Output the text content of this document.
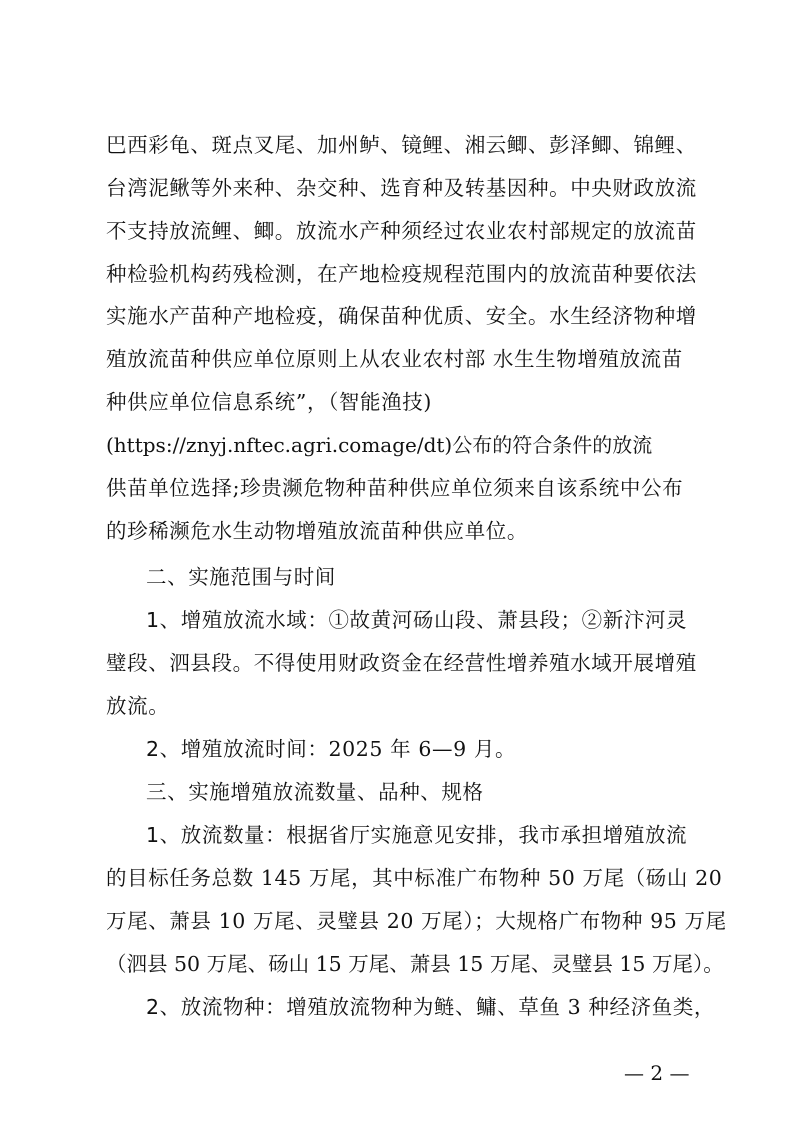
巴西彩龟、斑点叉尾、加州鲈、镜鲤、湘云鲫、彭泽鲫、锦鲤、
台湾泥鳅等外来种、杂交种、选育种及转基因种。中央财政放流
不支持放流鲤、鲫。放流水产种须经过农业农村部规定的放流苗
种检验机构药残检测，在产地检疫规程范围内的放流苗种要依法
实施水产苗种产地检疫，确保苗种优质、安全。水生经济物种增
殖放流苗种供应单位原则上从农业农村部 水生生物增殖放流苗
种供应单位信息系统”，（智能渔技)
(https://znyj.nftec.agri.comage/dt)公布的符合条件的放流
供苗单位选择;珍贵濒危物种苗种供应单位须来自该系统中公布
的珍稀濒危水生动物增殖放流苗种供应单位。
二、实施范围与时间
1、增殖放流水域：①故黄河砀山段、萧县段；②新汴河灵
璧段、泗县段。不得使用财政资金在经营性增养殖水域开展增殖
放流。
2、增殖放流时间：2025 年 6—9 月。
三、实施增殖放流数量、品种、规格
1、放流数量：根据省厅实施意见安排，我市承担增殖放流
的目标任务总数 145 万尾，其中标准广布物种 50 万尾（砀山 20
万尾、萧县 10 万尾、灵璧县 20 万尾）；大规格广布物种 95 万尾
（泗县 50 万尾、砀山 15 万尾、萧县 15 万尾、灵璧县 15 万尾）。
2、放流物种：增殖放流物种为鲢、鳙、草鱼 3 种经济鱼类，
— 2 —
